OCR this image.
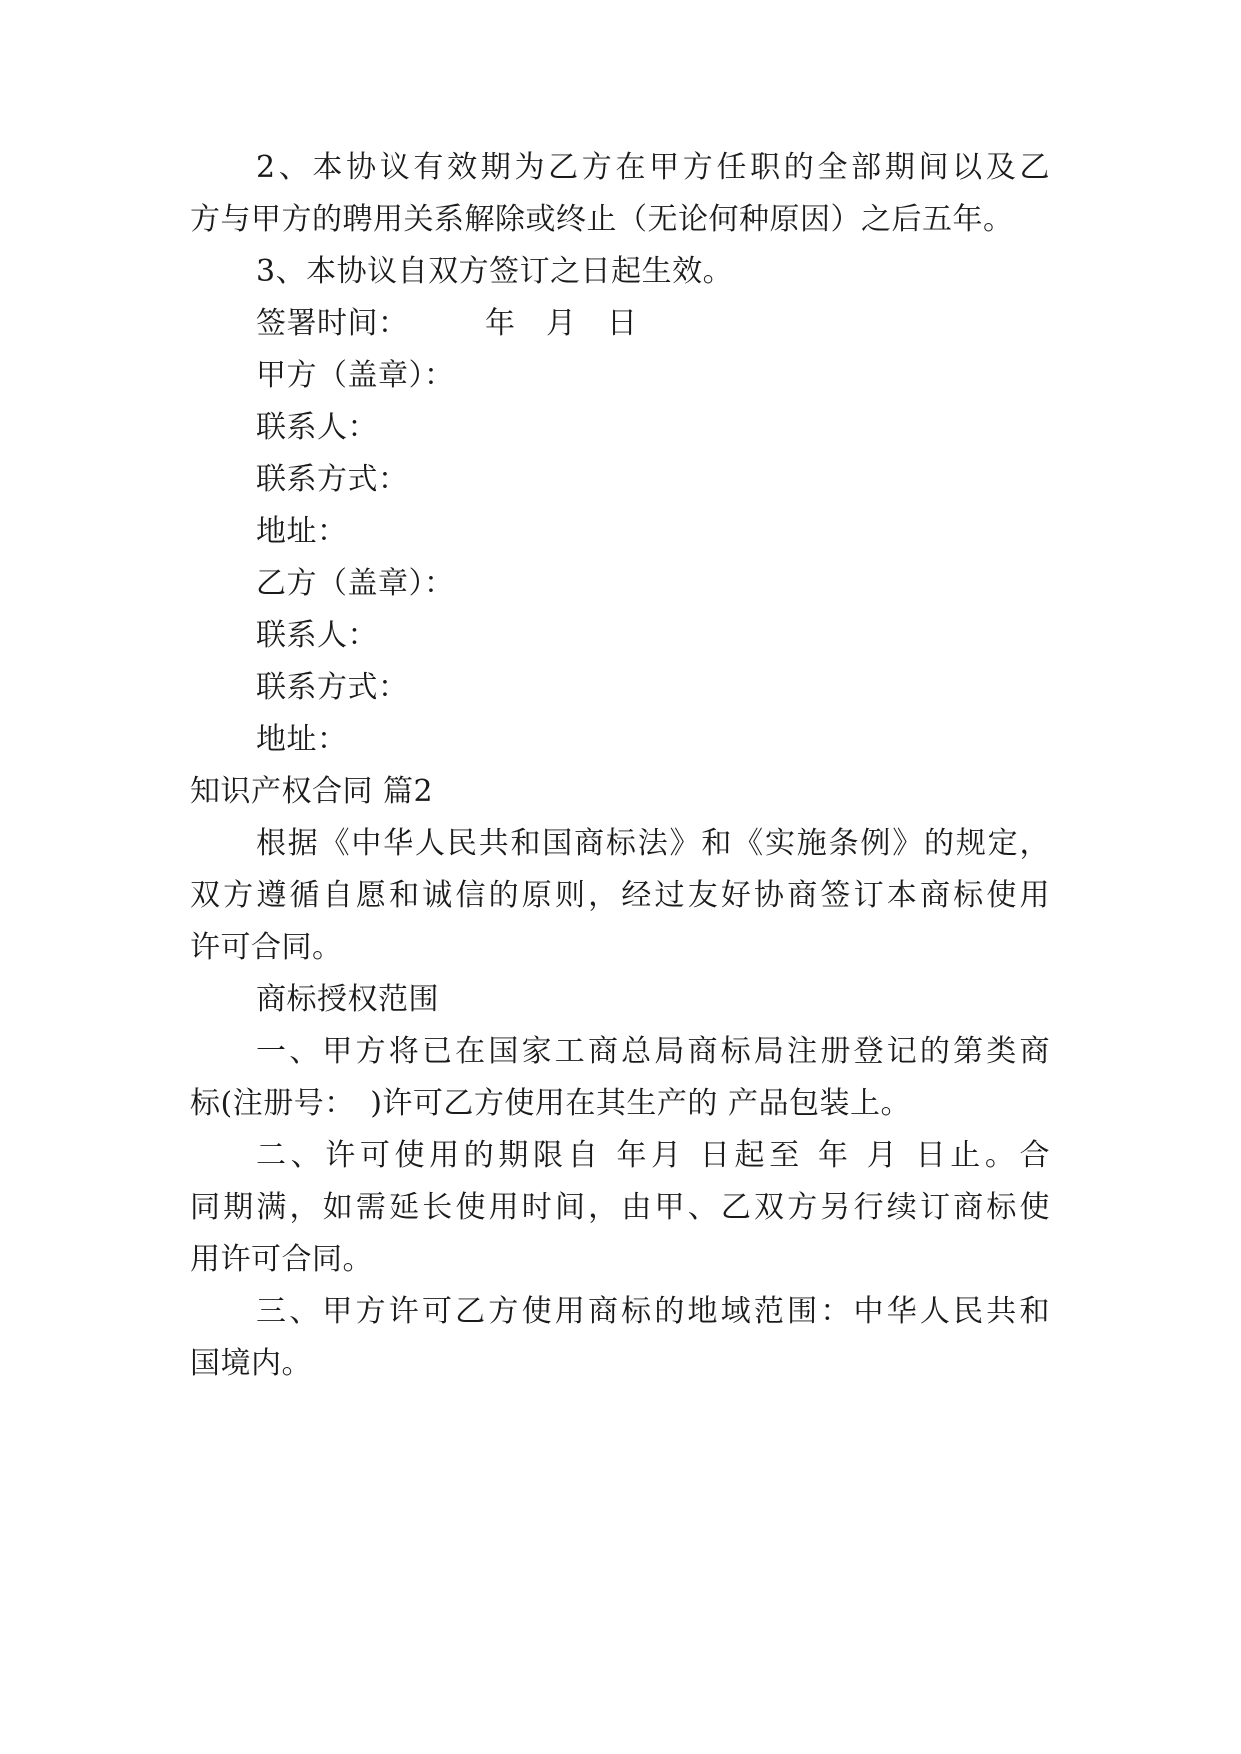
2、本协议有效期为乙方在甲方任职的全部期间以及乙
方与甲方的聘用关系解除或终止（无论何种原因）之后五年。
3、本协议自双方签订之日起生效。
签署时间：　　　年　月　日
甲方（盖章）：
联系人：
联系方式：
地址：
乙方（盖章）：
联系人：
联系方式：
地址：
知识产权合同 篇2
根据《中华人民共和国商标法》和《实施条例》的规定，
双方遵循自愿和诚信的原则，经过友好协商签订本商标使用
许可合同。
商标授权范围
一、甲方将已在国家工商总局商标局注册登记的第类商
标(注册号：　)许可乙方使用在其生产的 产品包装上。
二、许可使用的期限自 年月 日起至 年 月 日止。合
同期满，如需延长使用时间，由甲、乙双方另行续订商标使
用许可合同。
三、甲方许可乙方使用商标的地域范围：中华人民共和
国境内。
